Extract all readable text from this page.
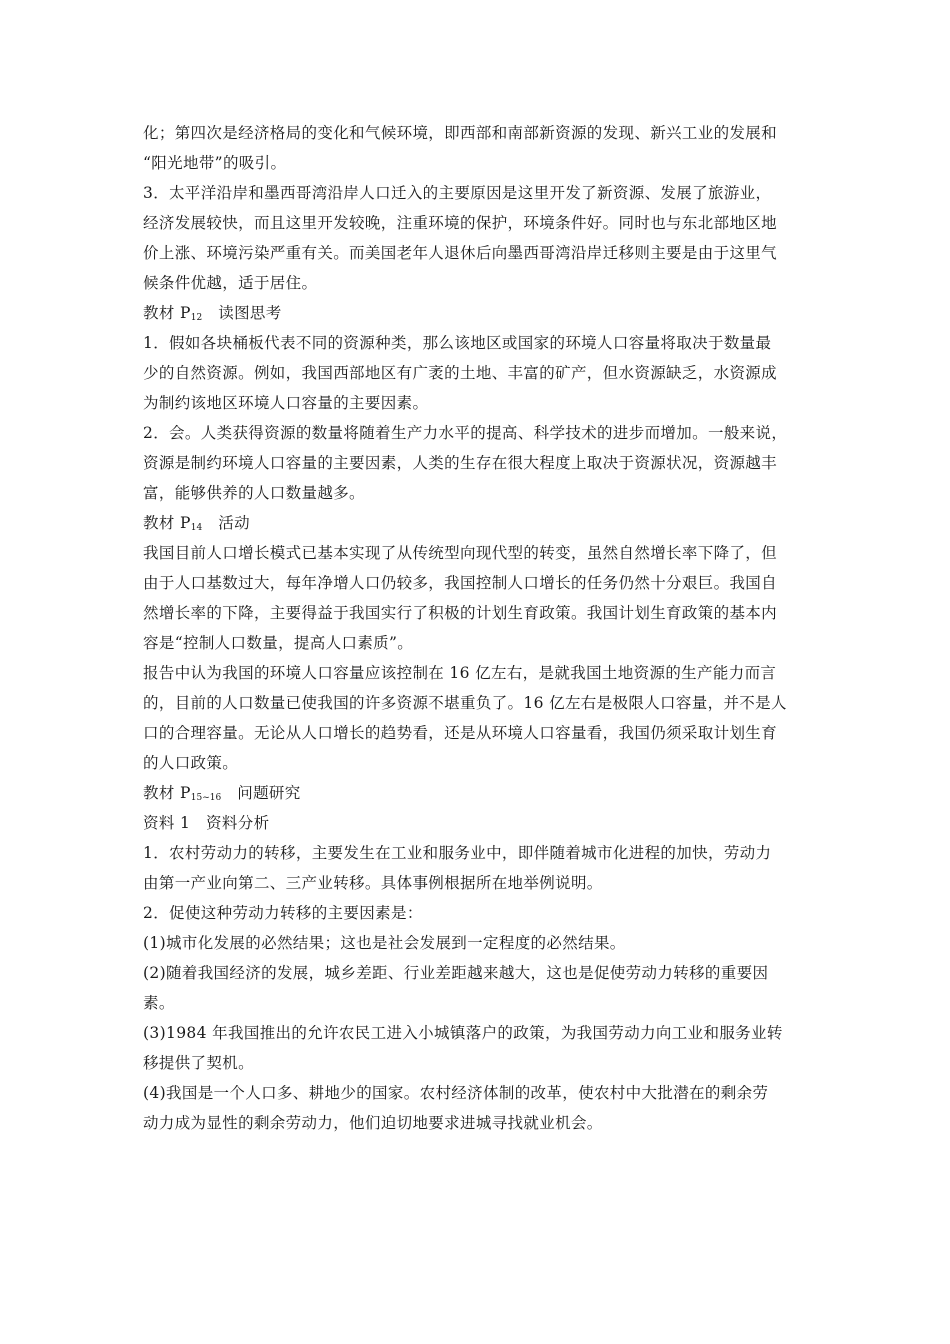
化；第四次是经济格局的变化和气候环境，即西部和南部新资源的发现、新兴工业的发展和
“阳光地带”的吸引。
3．太平洋沿岸和墨西哥湾沿岸人口迁入的主要原因是这里开发了新资源、发展了旅游业，
经济发展较快，而且这里开发较晚，注重环境的保护，环境条件好。同时也与东北部地区地
价上涨、环境污染严重有关。而美国老年人退休后向墨西哥湾沿岸迁移则主要是由于这里气
候条件优越，适于居住。
教材 $P_{12}$ 读图思考
1．假如各块桶板代表不同的资源种类，那么该地区或国家的环境人口容量将取决于数量最
少的自然资源。例如，我国西部地区有广袤的土地、丰富的矿产，但水资源缺乏，水资源成
为制约该地区环境人口容量的主要因素。
2．会。人类获得资源的数量将随着生产力水平的提高、科学技术的进步而增加。一般来说，
资源是制约环境人口容量的主要因素，人类的生存在很大程度上取决于资源状况，资源越丰
富，能够供养的人口数量越多。
教材 $P_{14}$ 活动
我国目前人口增长模式已基本实现了从传统型向现代型的转变，虽然自然增长率下降了，但
由于人口基数过大，每年净增人口仍较多，我国控制人口增长的任务仍然十分艰巨。我国自
然增长率的下降，主要得益于我国实行了积极的计划生育政策。我国计划生育政策的基本内
容是“控制人口数量，提高人口素质”。
报告中认为我国的环境人口容量应该控制在 16 亿左右，是就我国土地资源的生产能力而言
的，目前的人口数量已使我国的许多资源不堪重负了。16 亿左右是极限人口容量，并不是人
口的合理容量。无论从人口增长的趋势看，还是从环境人口容量看，我国仍须采取计划生育
的人口政策。
教材 $P_{15\sim 16}$ 问题研究
资料 1　资料分析
1．农村劳动力的转移，主要发生在工业和服务业中，即伴随着城市化进程的加快，劳动力
由第一产业向第二、三产业转移。具体事例根据所在地举例说明。
2．促使这种劳动力转移的主要因素是：
(1)城市化发展的必然结果；这也是社会发展到一定程度的必然结果。
(2)随着我国经济的发展，城乡差距、行业差距越来越大，这也是促使劳动力转移的重要因
素。
(3)1984 年我国推出的允许农民工进入小城镇落户的政策，为我国劳动力向工业和服务业转
移提供了契机。
(4)我国是一个人口多、耕地少的国家。农村经济体制的改革，使农村中大批潜在的剩余劳
动力成为显性的剩余劳动力，他们迫切地要求进城寻找就业机会。
